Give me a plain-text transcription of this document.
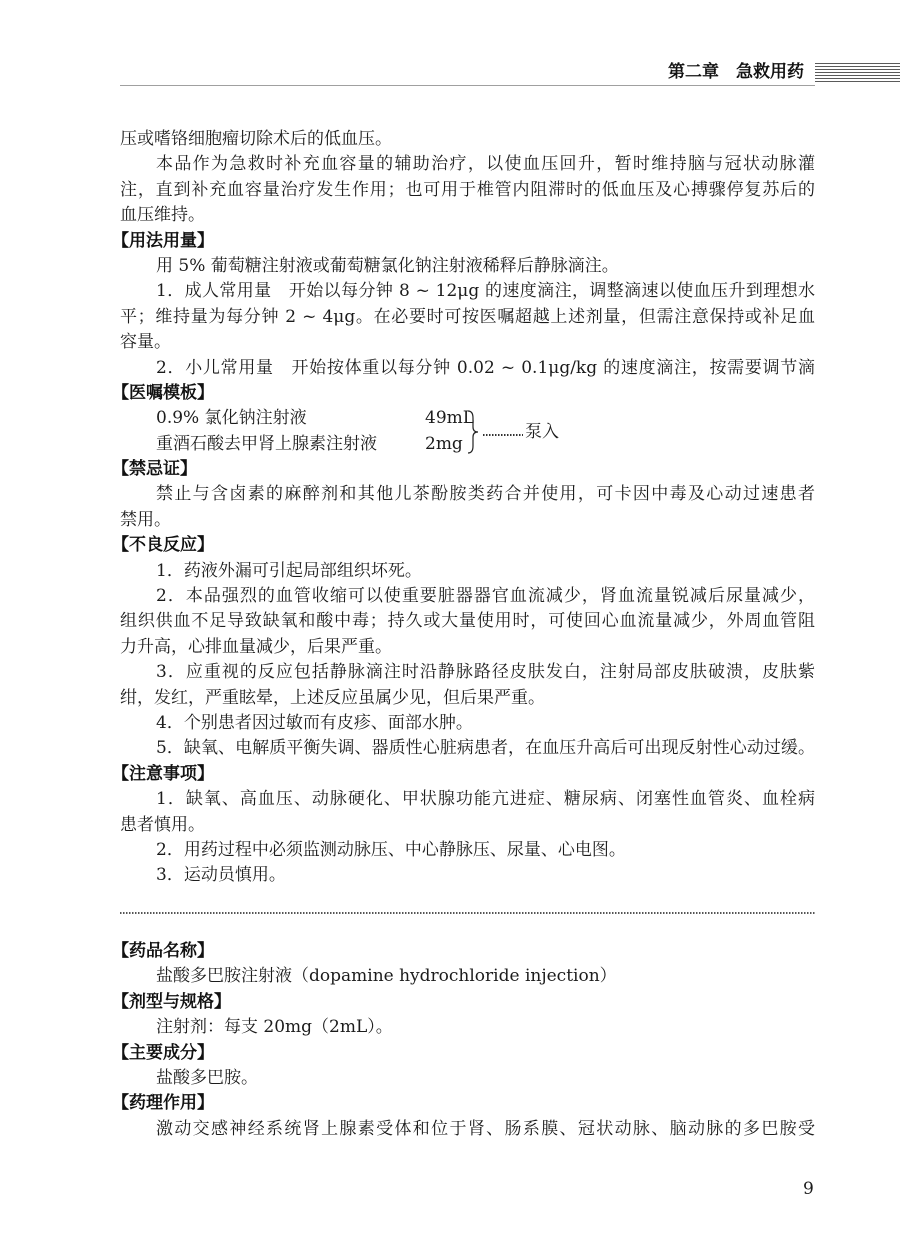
第二章　急救用药
压或嗜铬细胞瘤切除术后的低血压。
本品作为急救时补充血容量的辅助治疗，以使血压回升，暂时维持脑与冠状动脉灌
注，直到补充血容量治疗发生作用；也可用于椎管内阻滞时的低血压及心搏骤停复苏后的
血压维持。
【用法用量】
用 5% 葡萄糖注射液或葡萄糖氯化钠注射液稀释后静脉滴注。
1．成人常用量　开始以每分钟 8 ~ 12μg 的速度滴注，调整滴速以使血压升到理想水
平；维持量为每分钟 2 ~ 4μg。在必要时可按医嘱超越上述剂量，但需注意保持或补足血
容量。
2．小儿常用量　开始按体重以每分钟 0.02 ~ 0.1μg/kg 的速度滴注，按需要调节滴
【医嘱模板】
0.9% 氯化钠注射液	49mL
重酒石酸去甲肾上腺素注射液	2mg
泵入
【禁忌证】
禁止与含卤素的麻醉剂和其他儿茶酚胺类药合并使用，可卡因中毒及心动过速患者
禁用。
【不良反应】
1．药液外漏可引起局部组织坏死。
2．本品强烈的血管收缩可以使重要脏器器官血流减少，肾血流量锐减后尿量减少，
组织供血不足导致缺氧和酸中毒；持久或大量使用时，可使回心血流量减少，外周血管阻
力升高，心排血量减少，后果严重。
3．应重视的反应包括静脉滴注时沿静脉路径皮肤发白，注射局部皮肤破溃，皮肤紫
绀，发红，严重眩晕，上述反应虽属少见，但后果严重。
4．个别患者因过敏而有皮疹、面部水肿。
5．缺氧、电解质平衡失调、器质性心脏病患者，在血压升高后可出现反射性心动过缓。
【注意事项】
1．缺氧、高血压、动脉硬化、甲状腺功能亢进症、糖尿病、闭塞性血管炎、血栓病
患者慎用。
2．用药过程中必须监测动脉压、中心静脉压、尿量、心电图。
3．运动员慎用。
【药品名称】
盐酸多巴胺注射液（dopamine hydrochloride injection）
【剂型与规格】
注射剂：每支 20mg（2mL）。
【主要成分】
盐酸多巴胺。
【药理作用】
激动交感神经系统肾上腺素受体和位于肾、肠系膜、冠状动脉、脑动脉的多巴胺受
9
